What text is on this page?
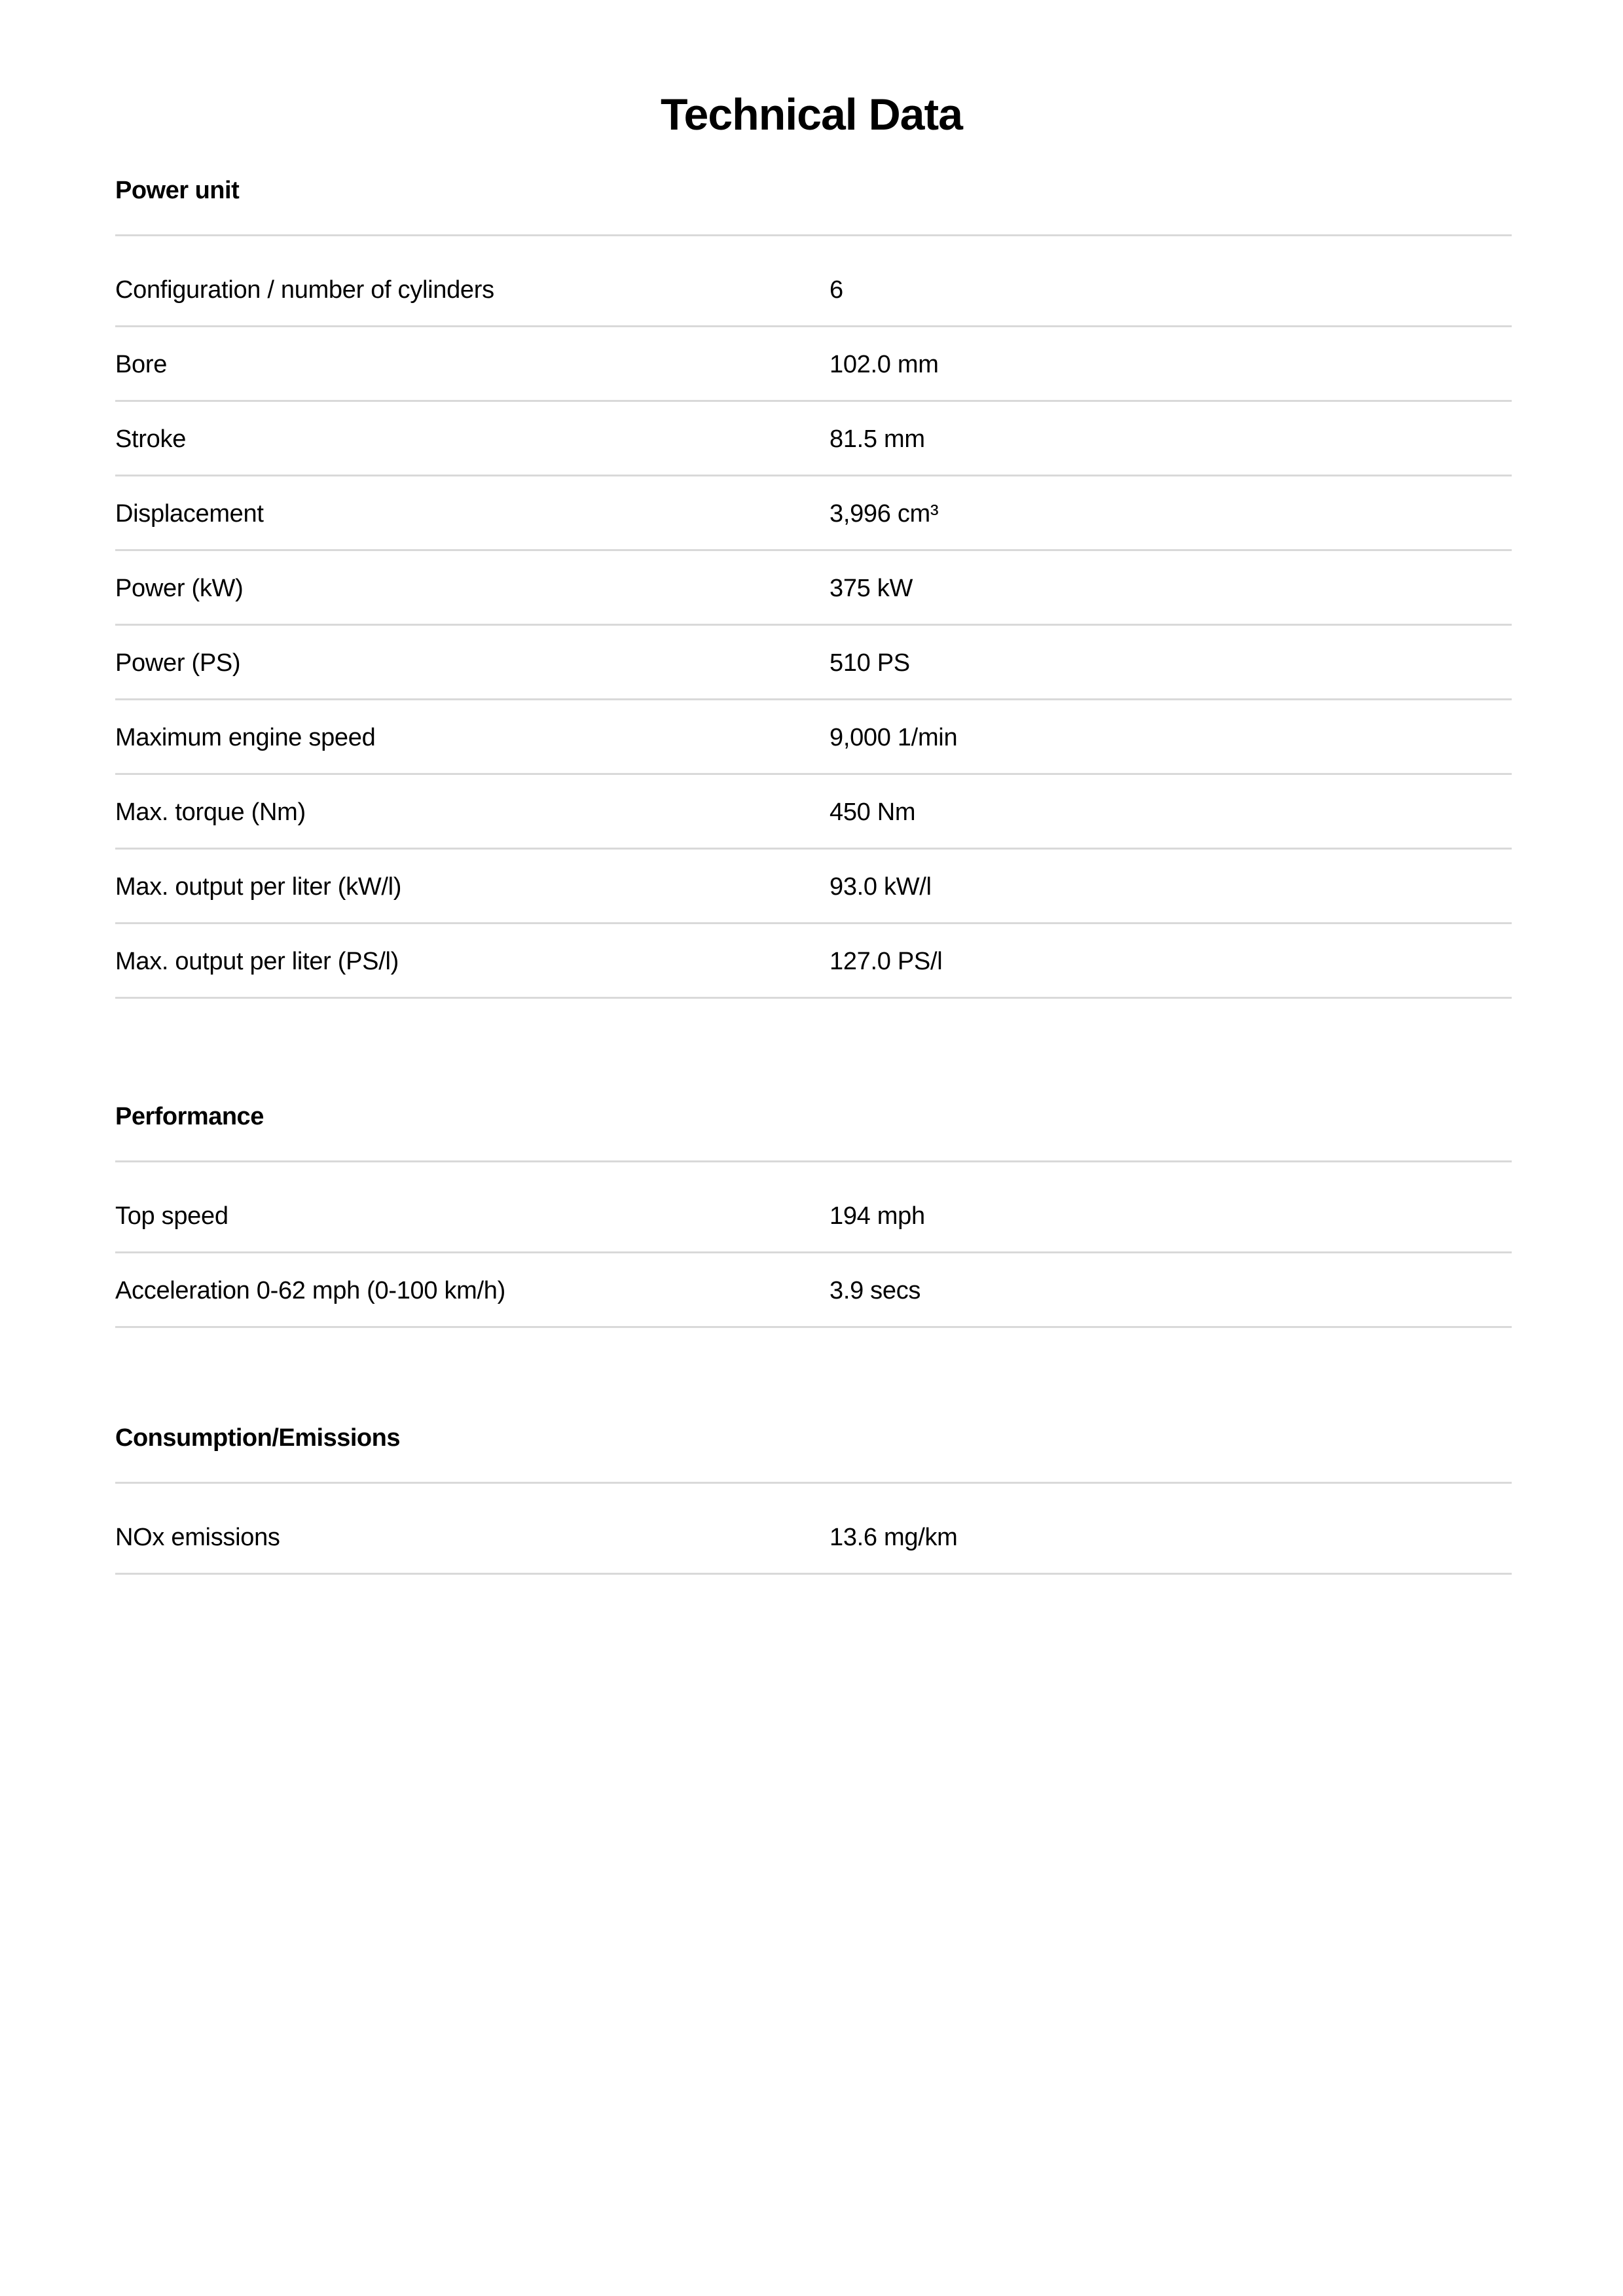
Technical Data
Power unit
Configuration / number of cylinders	6
Bore	102.0 mm
Stroke	81.5 mm
Displacement	3,996 cm³
Power (kW)	375 kW
Power (PS)	510 PS
Maximum engine speed	9,000 1/min
Max. torque (Nm)	450 Nm
Max. output per liter (kW/l)	93.0 kW/l
Max. output per liter (PS/l)	127.0 PS/l
Performance
Top speed	194 mph
Acceleration 0-62 mph (0-100 km/h)	3.9 secs
Consumption/Emissions
NOx emissions	13.6 mg/km
